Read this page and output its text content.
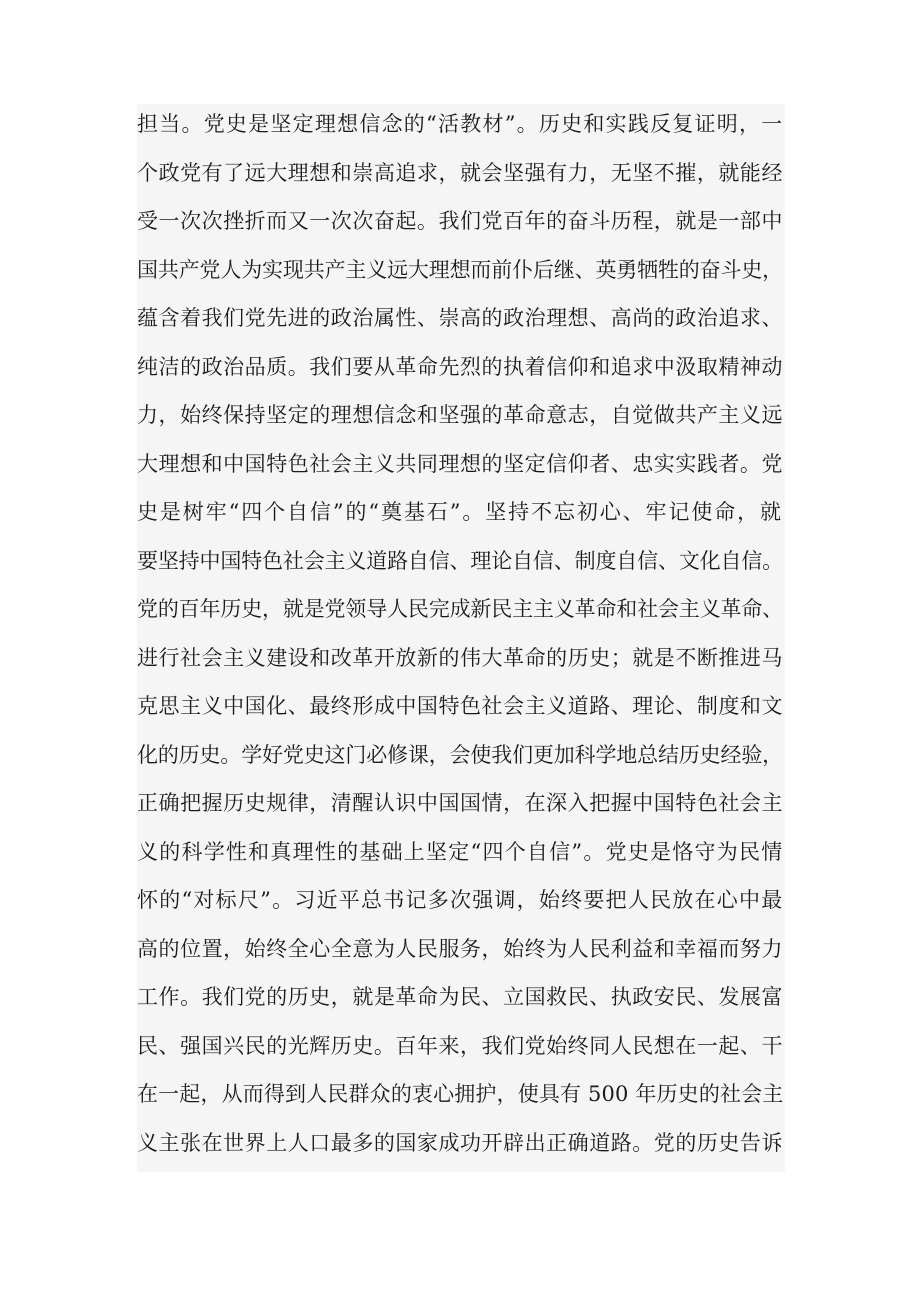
担当。党史是坚定理想信念的“活教材”。历史和实践反复证明，一
个政党有了远大理想和崇高追求，就会坚强有力，无坚不摧，就能经
受一次次挫折而又一次次奋起。我们党百年的奋斗历程，就是一部中
国共产党人为实现共产主义远大理想而前仆后继、英勇牺牲的奋斗史，
蕴含着我们党先进的政治属性、崇高的政治理想、高尚的政治追求、
纯洁的政治品质。我们要从革命先烈的执着信仰和追求中汲取精神动
力，始终保持坚定的理想信念和坚强的革命意志，自觉做共产主义远
大理想和中国特色社会主义共同理想的坚定信仰者、忠实实践者。党
史是树牢“四个自信”的“奠基石”。坚持不忘初心、牢记使命，就
要坚持中国特色社会主义道路自信、理论自信、制度自信、文化自信。
党的百年历史，就是党领导人民完成新民主主义革命和社会主义革命、
进行社会主义建设和改革开放新的伟大革命的历史；就是不断推进马
克思主义中国化、最终形成中国特色社会主义道路、理论、制度和文
化的历史。学好党史这门必修课，会使我们更加科学地总结历史经验，
正确把握历史规律，清醒认识中国国情，在深入把握中国特色社会主
义的科学性和真理性的基础上坚定“四个自信”。党史是恪守为民情
怀的“对标尺”。习近平总书记多次强调，始终要把人民放在心中最
高的位置，始终全心全意为人民服务，始终为人民利益和幸福而努力
工作。我们党的历史，就是革命为民、立国救民、执政安民、发展富
民、强国兴民的光辉历史。百年来，我们党始终同人民想在一起、干
在一起，从而得到人民群众的衷心拥护，使具有 500 年历史的社会主
义主张在世界上人口最多的国家成功开辟出正确道路。党的历史告诉
